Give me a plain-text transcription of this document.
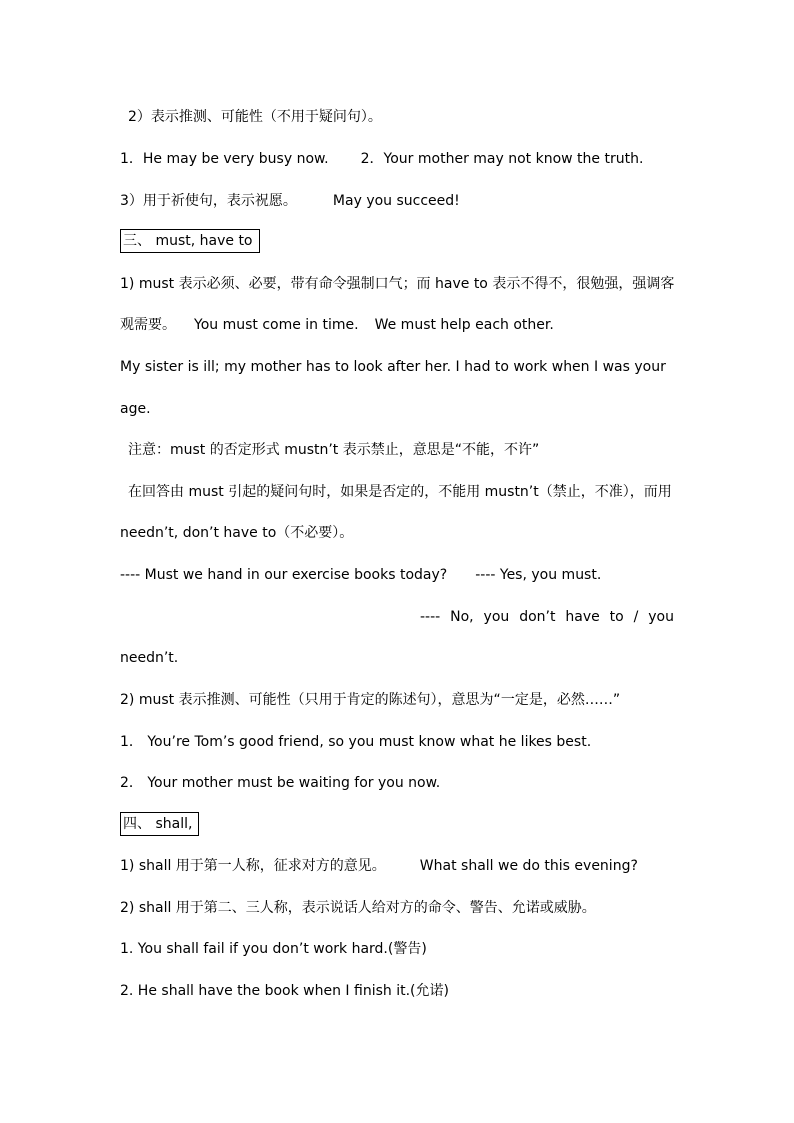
2）表示推测、可能性（不用于疑问句）。
1．He may be very busy now. 2．Your mother may not know the truth.
3）用于祈使句，表示祝愿。	May you succeed!
三、 must, have to
1) must 表示必须、必要，带有命令强制口气；而 have to 表示不得不，很勉强，强调客
观需要。 You must come in time. We must help each other.
My sister is ill; my mother has to look after her. I had to work when I was your
age.
注意：must 的否定形式 mustn’t 表示禁止，意思是“不能，不许”
在回答由 must 引起的疑问句时，如果是否定的，不能用 mustn’t（禁止，不准），而用
needn’t, don’t have to（不必要）。
---- Must we hand in our exercise books today? ---- Yes, you must.
---- No, you don’t have to / you
needn’t.
2) must 表示推测、可能性（只用于肯定的陈述句），意思为“一定是，必然……”
1． You’re Tom’s good friend, so you must know what he likes best.
2． Your mother must be waiting for you now.
四、 shall,
1) shall 用于第一人称，征求对方的意见。 What shall we do this evening?
2) shall 用于第二、三人称，表示说话人给对方的命令、警告、允诺或威胁。
1. You shall fail if you don’t work hard.(警告)
2. He shall have the book when I finish it.(允诺)
